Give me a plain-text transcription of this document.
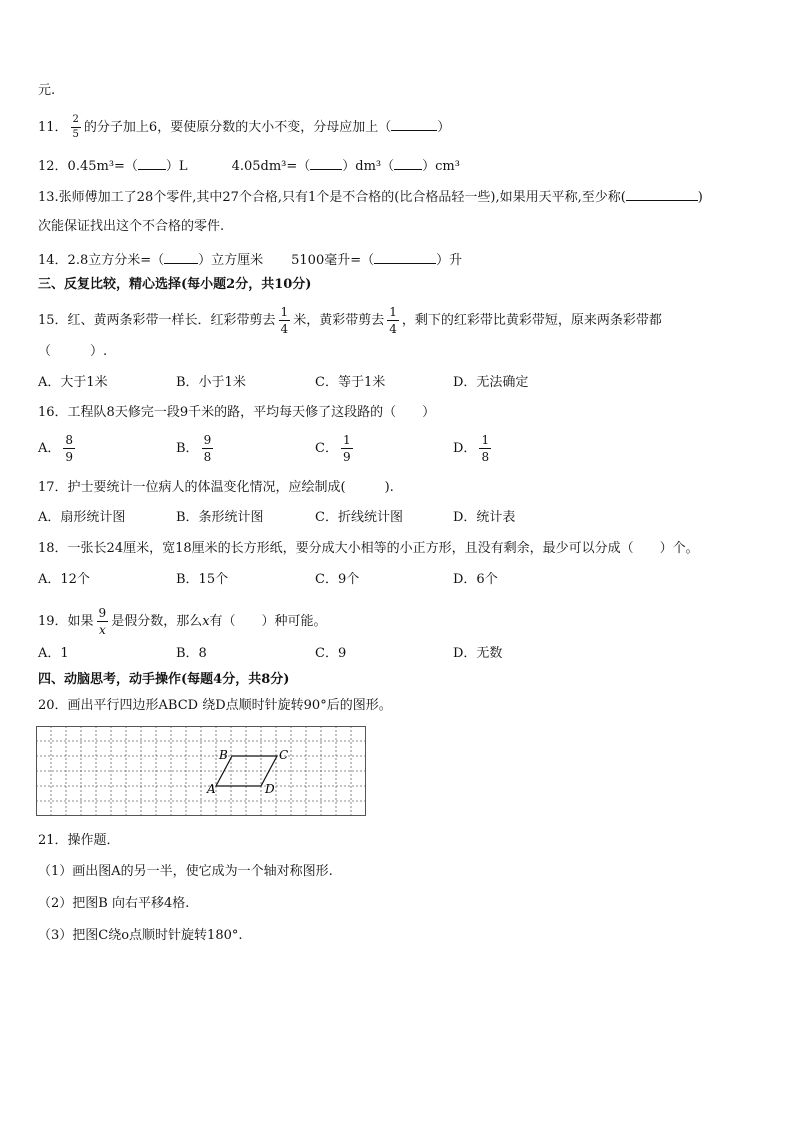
元.
11． $\frac{2}{5}$ 的分子加上6，要使原分数的大小不变，分母应加上（	）
12．0.45m³=（ ）L	4.05dm³=（ ）dm³（ ）cm³
13.张师傅加工了28个零件,其中27个合格,只有1个是不合格的(比合格品轻一些),如果用天平称,至少称(	)
次能保证找出这个不合格的零件.
14．2.8立方分米=（	）立方厘米 5100毫升=（	）升
三、反复比较，精心选择(每小题2分，共10分)
15．红、黄两条彩带一样长．红彩带剪去 $\frac{1}{4}$ 米，黄彩带剪去 $\frac{1}{4}$ ，剩下的红彩带比黄彩带短，原来两条彩带都
（　　　）.
A．大于1米	B．小于1米	C．等于1米	D．无法确定
16．工程队8天修完一段9千米的路，平均每天修了这段路的（　　）
A． $\frac{8}{9}$	B． $\frac{9}{8}$	C． $\frac{1}{9}$	D． $\frac{1}{8}$
17．护士要统计一位病人的体温变化情况，应绘制成(　　　).
A．扇形统计图	B．条形统计图	C．折线统计图	D．统计表
18．一张长24厘米，宽18厘米的长方形纸，要分成大小相等的小正方形，且没有剩余，最少可以分成（　　）个。
A．12个	B．15个	C．9个	D．6个
19．如果 $\frac{9}{x}$ 是假分数，那么x有（　　）种可能。
A．1	B．8	C．9	D．无数
四、动脑思考，动手操作(每题4分，共8分)
20．画出平行四边形ABCD 绕D点顺时针旋转90°后的图形。
B	C
A	D
21．操作题．
（1）画出图A的另一半，使它成为一个轴对称图形.
（2）把图B 向右平移4格.
（3）把图C绕o点顺时针旋转180°.
